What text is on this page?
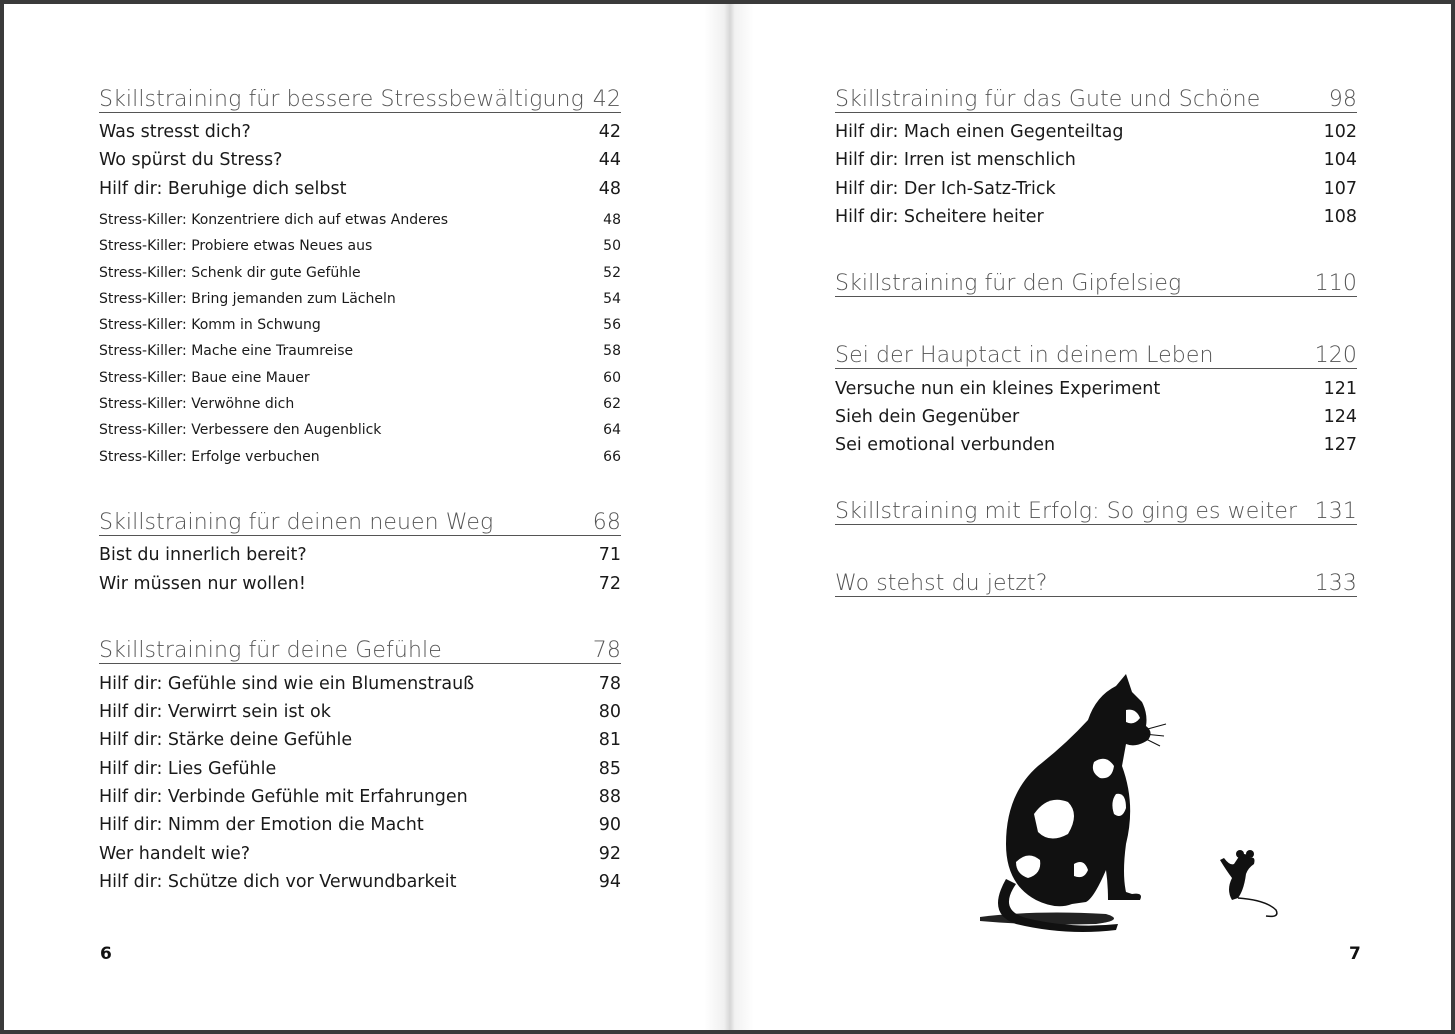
Skillstraining für bessere Stressbewältigung 42
Was stresst dich?	42
Wo spürst du Stress?	44
Hilf dir: Beruhige dich selbst	48
Stress-Killer: Konzentriere dich auf etwas Anderes	48
Stress-Killer: Probiere etwas Neues aus	50
Stress-Killer: Schenk dir gute Gefühle	52
Stress-Killer: Bring jemanden zum Lächeln	54
Stress-Killer: Komm in Schwung	56
Stress-Killer: Mache eine Traumreise	58
Stress-Killer: Baue eine Mauer	60
Stress-Killer: Verwöhne dich	62
Stress-Killer: Verbessere den Augenblick	64
Stress-Killer: Erfolge verbuchen	66
Skillstraining für deinen neuen Weg	68
Bist du innerlich bereit?	71
Wir müssen nur wollen!	72
Skillstraining für deine Gefühle	78
Hilf dir: Gefühle sind wie ein Blumenstrauß	78
Hilf dir: Verwirrt sein ist ok	80
Hilf dir: Stärke deine Gefühle	81
Hilf dir: Lies Gefühle	85
Hilf dir: Verbinde Gefühle mit Erfahrungen	88
Hilf dir: Nimm der Emotion die Macht	90
Wer handelt wie?	92
Hilf dir: Schütze dich vor Verwundbarkeit	94
6
Skillstraining für das Gute und Schöne	98
Hilf dir: Mach einen Gegenteiltag	102
Hilf dir: Irren ist menschlich	104
Hilf dir: Der Ich-Satz-Trick	107
Hilf dir: Scheitere heiter	108
Skillstraining für den Gipfelsieg	110
Sei der Hauptact in deinem Leben	120
Versuche nun ein kleines Experiment	121
Sieh dein Gegenüber	124
Sei emotional verbunden	127
Skillstraining mit Erfolg: So ging es weiter 131
Wo stehst du jetzt?	133
7
